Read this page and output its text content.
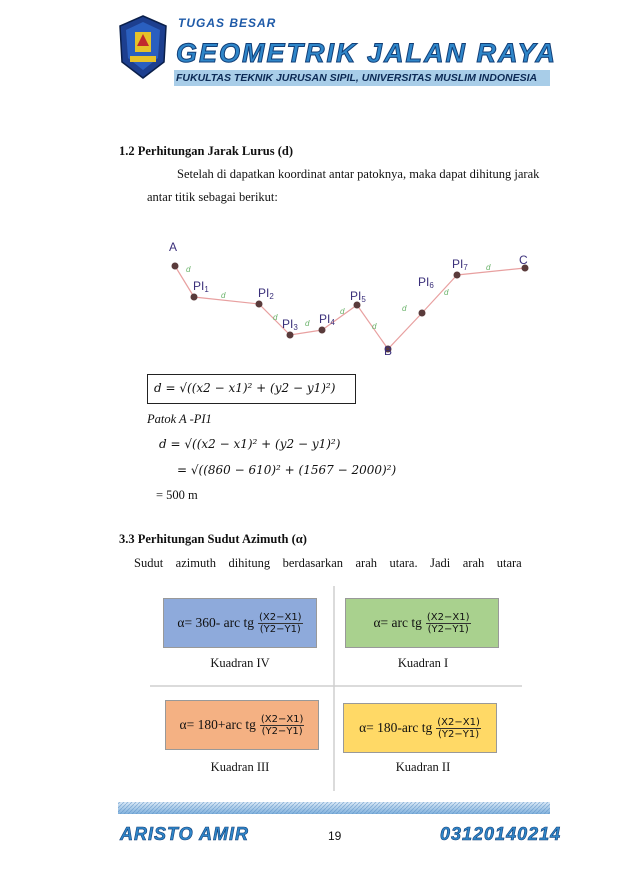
TUGAS BESAR
GEOMETRIK JALAN RAYA
FUKULTAS TEKNIK JURUSAN SIPIL, UNIVERSITAS MUSLIM INDONESIA
1.2 Perhitungan Jarak Lurus (d)
Setelah di dapatkan koordinat antar patoknya, maka dapat dihitung jarak
antar titik sebagai berikut:
A
PI1	PI2
PI3
PI4
PI5
B
PI6
PI7
C
d
d
d
d
d
d
d
d
d
d = √((x2 − x1)² + (y2 − y1)²)
Patok A -PI1
d = √((x2 − x1)² + (y2 − y1)²)
= √((860 − 610)² + (1567 − 2000)²)
= 500 m
3.3 Perhitungan Sudut Azimuth (α)
Sudut    azimuth    dihitung    berdasarkan    arah    utara.    Jadi    arah    utara
α= 360- arc tg $\frac{(X2-X1)}{(Y2-Y1)}$	α= arc tg $\frac{(X2-X1)}{(Y2-Y1)}$
Kuadran IV	Kuadran I
α= 180+arc tg $\frac{(X2-X1)}{(Y2-Y1)}$	α= 180-arc tg $\frac{(X2-X1)}{(Y2-Y1)}$
Kuadran III	Kuadran II
ARISTO AMIR	19	03120140214
